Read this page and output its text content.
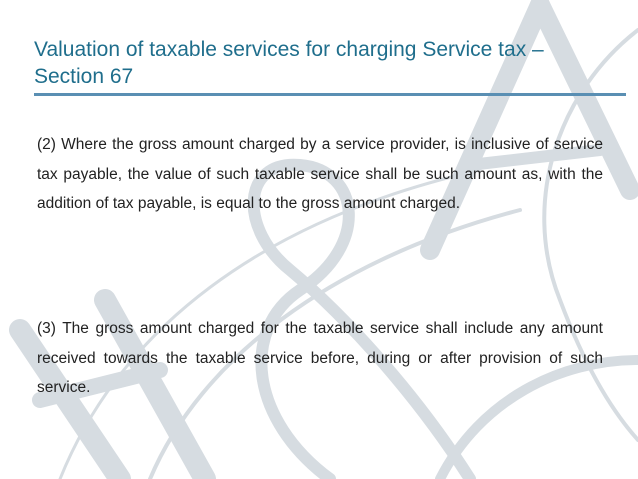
Valuation of taxable services for charging Service tax – Section 67

(2) Where the gross amount charged by a service provider, is inclusive of service tax payable, the value of such taxable service shall be such amount as, with the addition of tax payable, is equal to the gross amount charged.

(3) The gross amount charged for the taxable service shall include any amount received towards the taxable service before, during or after provision of such service.
